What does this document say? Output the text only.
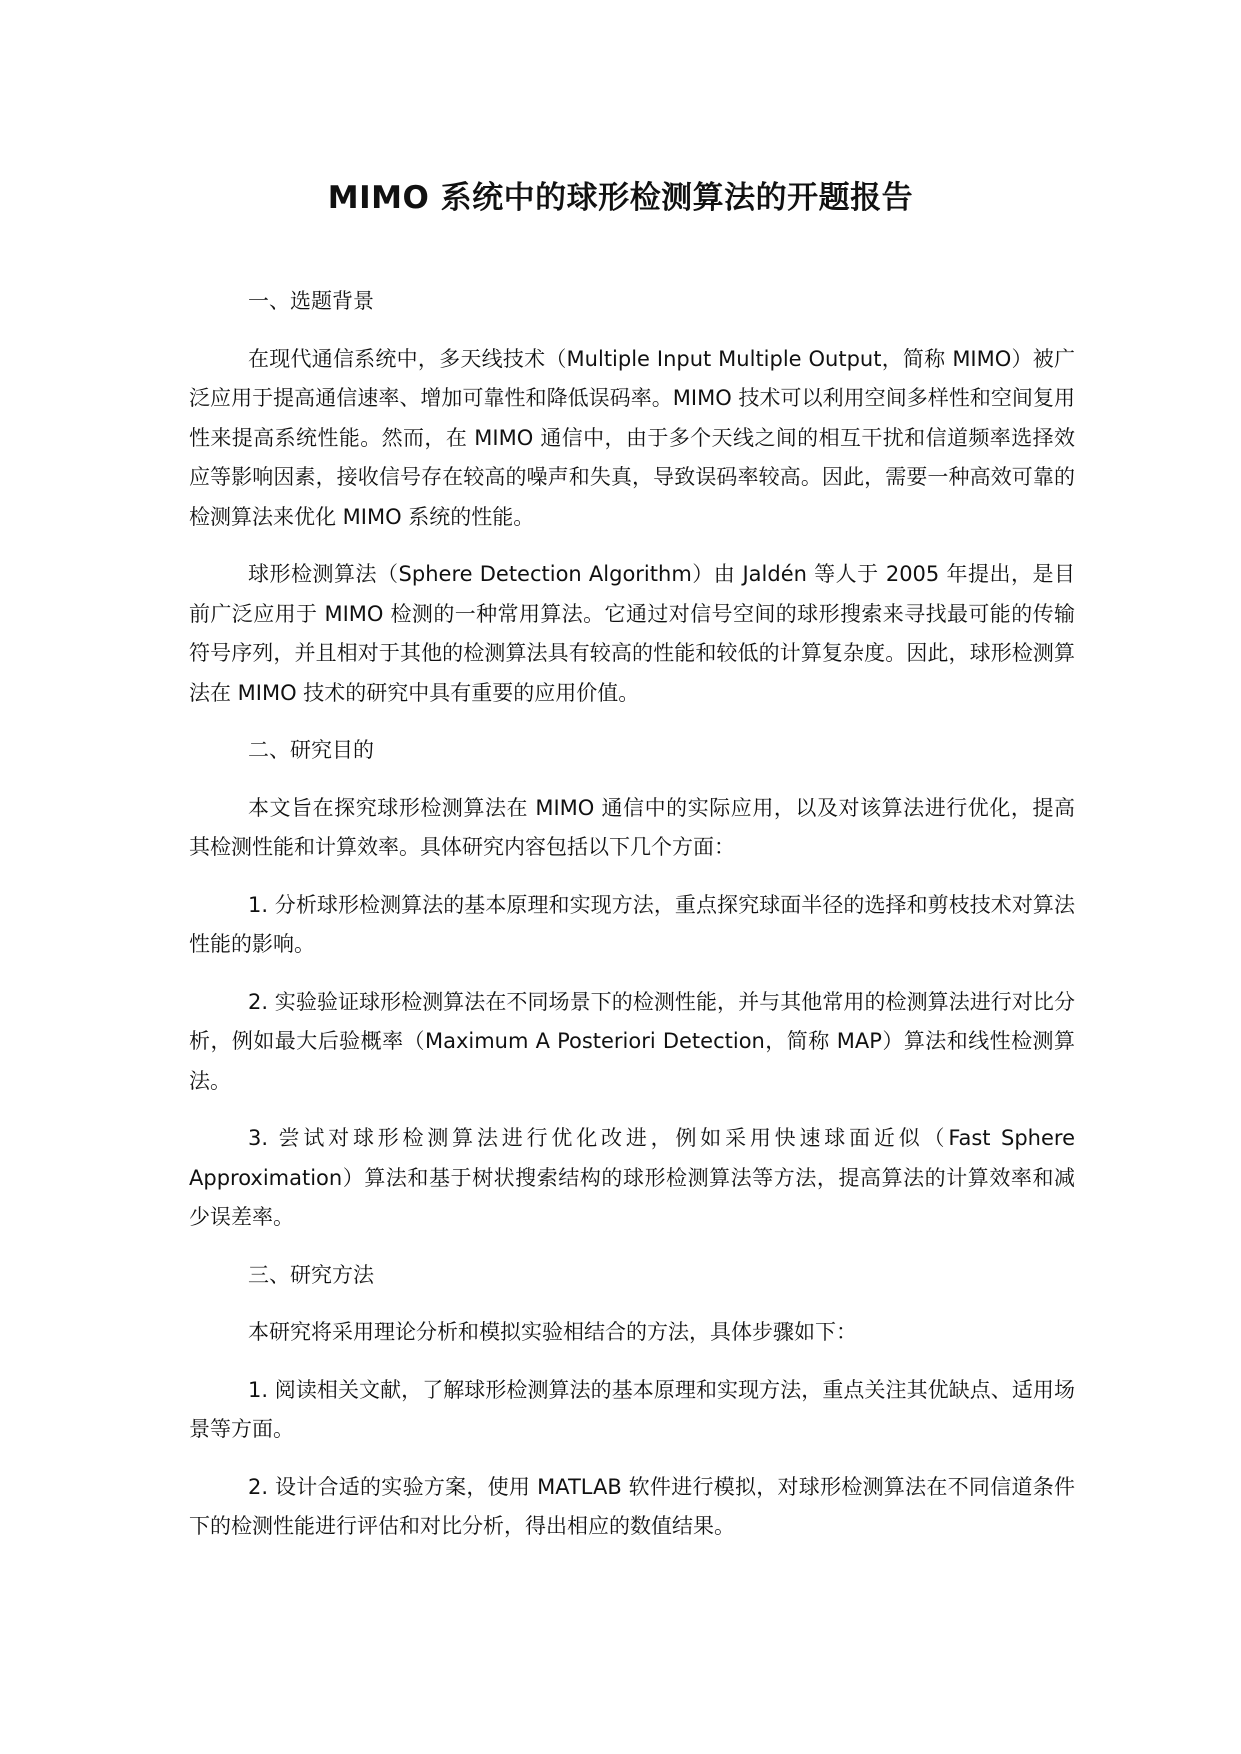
MIMO 系统中的球形检测算法的开题报告

一、选题背景

在现代通信系统中，多天线技术（Multiple Input Multiple Output，简称 MIMO）被广泛应用于提高通信速率、增加可靠性和降低误码率。MIMO 技术可以利用空间多样性和空间复用性来提高系统性能。然而，在 MIMO 通信中，由于多个天线之间的相互干扰和信道频率选择效应等影响因素，接收信号存在较高的噪声和失真，导致误码率较高。因此，需要一种高效可靠的检测算法来优化 MIMO 系统的性能。

球形检测算法（Sphere Detection Algorithm）由 Jaldén 等人于 2005 年提出，是目前广泛应用于 MIMO 检测的一种常用算法。它通过对信号空间的球形搜索来寻找最可能的传输符号序列，并且相对于其他的检测算法具有较高的性能和较低的计算复杂度。因此，球形检测算法在 MIMO 技术的研究中具有重要的应用价值。

二、研究目的

本文旨在探究球形检测算法在 MIMO 通信中的实际应用，以及对该算法进行优化，提高其检测性能和计算效率。具体研究内容包括以下几个方面：

1. 分析球形检测算法的基本原理和实现方法，重点探究球面半径的选择和剪枝技术对算法性能的影响。

2. 实验验证球形检测算法在不同场景下的检测性能，并与其他常用的检测算法进行对比分析，例如最大后验概率（Maximum A Posteriori Detection，简称 MAP）算法和线性检测算法。

3. 尝试对球形检测算法进行优化改进，例如采用快速球面近似（Fast Sphere Approximation）算法和基于树状搜索结构的球形检测算法等方法，提高算法的计算效率和减少误差率。

三、研究方法

本研究将采用理论分析和模拟实验相结合的方法，具体步骤如下：

1. 阅读相关文献，了解球形检测算法的基本原理和实现方法，重点关注其优缺点、适用场景等方面。

2. 设计合适的实验方案，使用 MATLAB 软件进行模拟，对球形检测算法在不同信道条件下的检测性能进行评估和对比分析，得出相应的数值结果。
